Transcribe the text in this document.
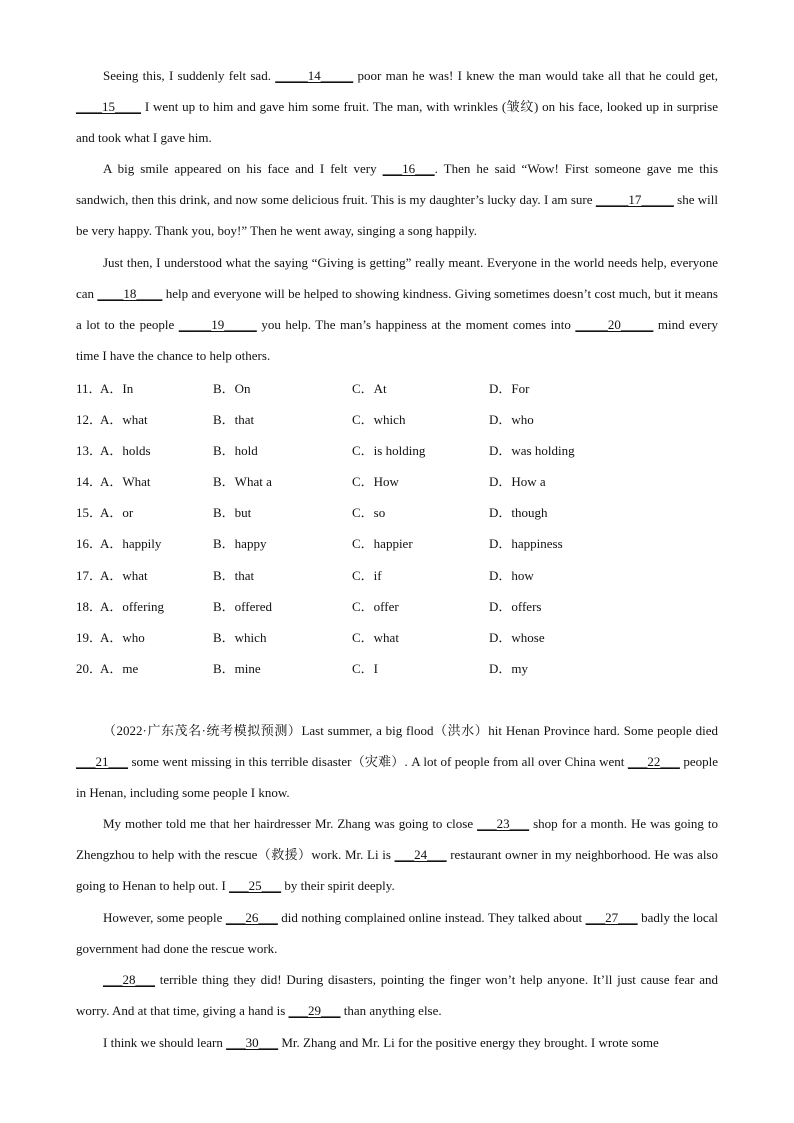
Seeing this, I suddenly felt sad. _____14_____ poor man he was! I knew the man would take all that he could get, ____15____ I went up to him and gave him some fruit. The man, with wrinkles (皱纹) on his face, looked up in surprise and took what I gave him.

A big smile appeared on his face and I felt very ___16___. Then he said “Wow! First someone gave me this sandwich, then this drink, and now some delicious fruit. This is my daughter’s lucky day. I am sure _____17_____ she will be very happy. Thank you, boy!” Then he went away, singing a song happily.

Just then, I understood what the saying “Giving is getting” really meant. Everyone in the world needs help, everyone can ____18____ help and everyone will be helped to showing kindness. Giving sometimes doesn’t cost much, but it means a lot to the people _____19_____ you help. The man’s happiness at the moment comes into _____20_____ mind every time I have the chance to help others.

11．
A．In	B．On	C．At	D．For
12．
A．what	B．that	C．which	D．who
13．
A．holds	B．hold	C．is holding	D．was holding
14．
A．What	B．What a	C．How	D．How a
15．
A．or	B．but	C．so	D．though
16．
A．happily	B．happy	C．happier	D．happiness
17．
A．what	B．that	C．if	D．how
18．
A．offering	B．offered	C．offer	D．offers
19．
A．who	B．which	C．what	D．whose
20．
A．me	B．mine	C．I	D．my

（2022·广东茂名·统考模拟预测）Last summer, a big flood（洪水）hit Henan Province hard. Some people died ___21___ some went missing in this terrible disaster（灾难）. A lot of people from all over China went ___22___ people in Henan, including some people I know.

My mother told me that her hairdresser Mr. Zhang was going to close ___23___ shop for a month. He was going to Zhengzhou to help with the rescue（救援）work. Mr. Li is ___24___ restaurant owner in my neighborhood. He was also going to Henan to help out. I ___25___ by their spirit deeply.

However, some people ___26___ did nothing complained online instead. They talked about ___27___ badly the local government had done the rescue work.

___28___ terrible thing they did! During disasters, pointing the finger won’t help anyone. It’ll just cause fear and worry. And at that time, giving a hand is ___29___ than anything else.

I think we should learn ___30___ Mr. Zhang and Mr. Li for the positive energy they brought. I wrote some
